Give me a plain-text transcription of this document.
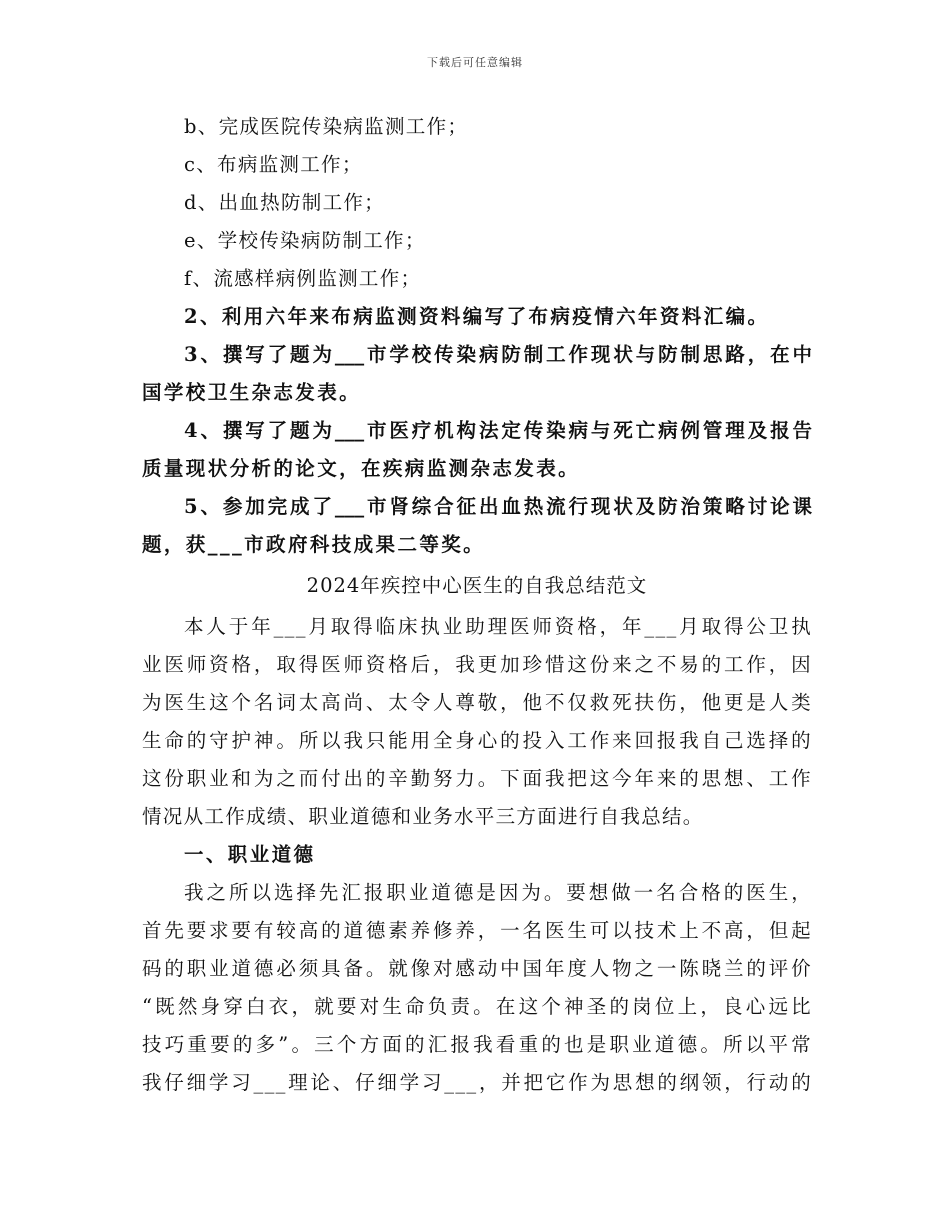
下载后可任意编辑
b、完成医院传染病监测工作；
c、布病监测工作；
d、出血热防制工作；
e、学校传染病防制工作；
f、流感样病例监测工作；
2、利用六年来布病监测资料编写了布病疫情六年资料汇编。
3、撰写了题为___市学校传染病防制工作现状与防制思路，在中
国学校卫生杂志发表。
4、撰写了题为___市医疗机构法定传染病与死亡病例管理及报告
质量现状分析的论文，在疾病监测杂志发表。
5、参加完成了___市肾综合征出血热流行现状及防治策略讨论课
题，获___市政府科技成果二等奖。
2024年疾控中心医生的自我总结范文
本人于年___月取得临床执业助理医师资格，年___月取得公卫执
业医师资格，取得医师资格后，我更加珍惜这份来之不易的工作，因
为医生这个名词太高尚、太令人尊敬，他不仅救死扶伤，他更是人类
生命的守护神。所以我只能用全身心的投入工作来回报我自己选择的
这份职业和为之而付出的辛勤努力。下面我把这今年来的思想、工作
情况从工作成绩、职业道德和业务水平三方面进行自我总结。
一、职业道德
我之所以选择先汇报职业道德是因为。要想做一名合格的医生，
首先要求要有较高的道德素养修养，一名医生可以技术上不高，但起
码的职业道德必须具备。就像对感动中国年度人物之一陈晓兰的评价
“既然身穿白衣，就要对生命负责。在这个神圣的岗位上，良心远比
技巧重要的多”。三个方面的汇报我看重的也是职业道德。所以平常
我仔细学习___理论、仔细学习___，并把它作为思想的纲领，行动的
